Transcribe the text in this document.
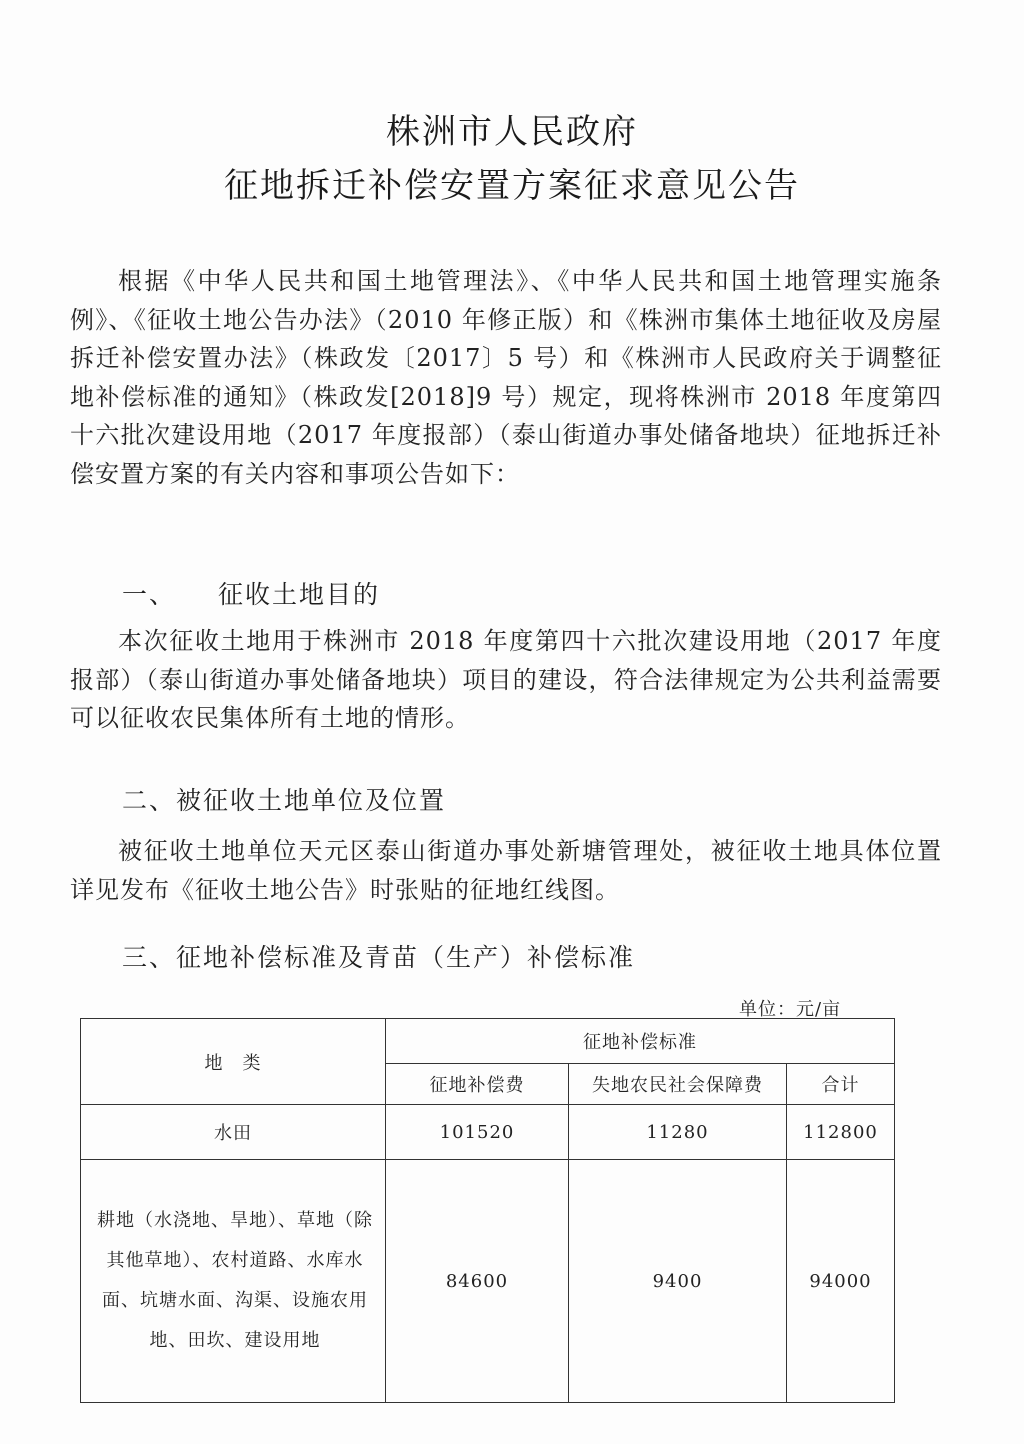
株洲市人民政府
征地拆迁补偿安置方案征求意见公告
根据《中华人民共和国土地管理法》、《中华人民共和国土地管理实施条例》、《征收土地公告办法》（2010 年修正版）和《株洲市集体土地征收及房屋拆迁补偿安置办法》（株政发〔2017〕5 号）和《株洲市人民政府关于调整征地补偿标准的通知》（株政发[2018]9 号）规定，现将株洲市 2018 年度第四十六批次建设用地（2017 年度报部）（泰山街道办事处储备地块）征地拆迁补偿安置方案的有关内容和事项公告如下：
一、 征收土地目的
本次征收土地用于株洲市 2018 年度第四十六批次建设用地（2017 年度报部）（泰山街道办事处储备地块）项目的建设，符合法律规定为公共利益需要可以征收农民集体所有土地的情形。
二、被征收土地单位及位置
被征收土地单位天元区泰山街道办事处新塘管理处，被征收土地具体位置详见发布《征收土地公告》时张贴的征地红线图。
三、征地补偿标准及青苗（生产）补偿标准
单位：元/亩
地　类	征地补偿标准		
	征地补偿费	失地农民社会保障费	合计
水田	101520	11280	112800

耕地（水浇地、旱地）、草地（除其他草地）、农村道路、水库水面、坑塘水面、沟渠、设施农用地、田坎、建设用地	84600	9400	94000
